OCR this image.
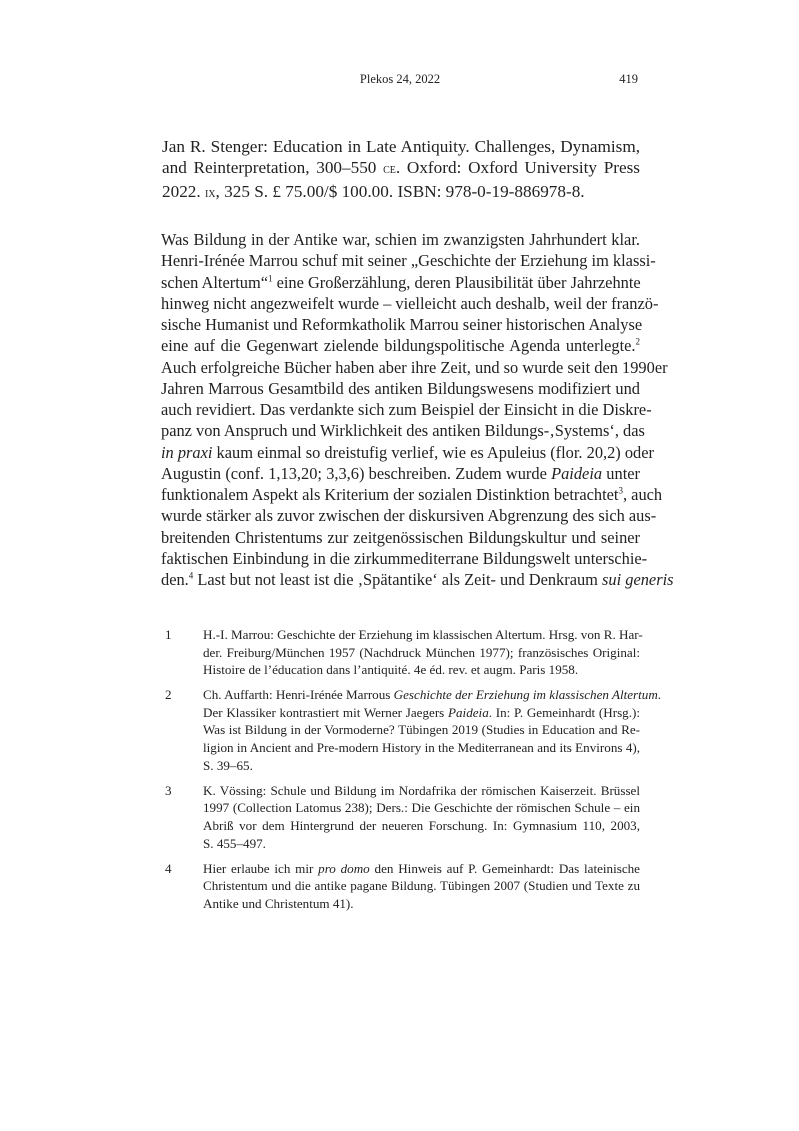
Plekos 24, 2022	419
Jan R. Stenger: Education in Late Antiquity. Challenges, Dynamism,
and Reinterpretation, 300–550 ce. Oxford: Oxford University Press
2022. ix, 325 S. £ 75.00/$ 100.00. ISBN: 978-0-19-886978-8.
Was Bildung in der Antike war, schien im zwanzigsten Jahrhundert klar.
Henri-Irénée Marrou schuf mit seiner „Geschichte der Erziehung im klassi-
schen Altertum“$^1$ eine Großerzählung, deren Plausibilität über Jahrzehnte
hinweg nicht angezweifelt wurde – vielleicht auch deshalb, weil der franzö-
sische Humanist und Reformkatholik Marrou seiner historischen Analyse
eine auf die Gegenwart zielende bildungspolitische Agenda unterlegte.$^2$
Auch erfolgreiche Bücher haben aber ihre Zeit, und so wurde seit den 1990er
Jahren Marrous Gesamtbild des antiken Bildungswesens modifiziert und
auch revidiert. Das verdankte sich zum Beispiel der Einsicht in die Diskre-
panz von Anspruch und Wirklichkeit des antiken Bildungs-‚Systems‘, das
in praxi kaum einmal so dreistufig verlief, wie es Apuleius (flor. 20,2) oder
Augustin (conf. 1,13,20; 3,3,6) beschreiben. Zudem wurde Paideia unter
funktionalem Aspekt als Kriterium der sozialen Distinktion betrachtet$^3$, auch
wurde stärker als zuvor zwischen der diskursiven Abgrenzung des sich aus-
breitenden Christentums zur zeitgenössischen Bildungskultur und seiner
faktischen Einbindung in die zirkummediterrane Bildungswelt unterschie-
den.$^4$ Last but not least ist die ‚Spätantike‘ als Zeit- und Denkraum sui generis
1 H.-I. Marrou: Geschichte der Erziehung im klassischen Altertum. Hrsg. von R. Har-
der. Freiburg/München 1957 (Nachdruck München 1977); französisches Original:
Histoire de l’éducation dans l’antiquité. 4e éd. rev. et augm. Paris 1958.
2 Ch. Auffarth: Henri-Irénée Marrous Geschichte der Erziehung im klassischen Altertum.
Der Klassiker kontrastiert mit Werner Jaegers Paideia. In: P. Gemeinhardt (Hrsg.):
Was ist Bildung in der Vormoderne? Tübingen 2019 (Studies in Education and Re-
ligion in Ancient and Pre-modern History in the Mediterranean and its Environs 4),
S. 39–65.
3 K. Vössing: Schule und Bildung im Nordafrika der römischen Kaiserzeit. Brüssel
1997 (Collection Latomus 238); Ders.: Die Geschichte der römischen Schule – ein
Abriß vor dem Hintergrund der neueren Forschung. In: Gymnasium 110, 2003,
S. 455–497.
4 Hier erlaube ich mir pro domo den Hinweis auf P. Gemeinhardt: Das lateinische
Christentum und die antike pagane Bildung. Tübingen 2007 (Studien und Texte zu
Antike und Christentum 41).
